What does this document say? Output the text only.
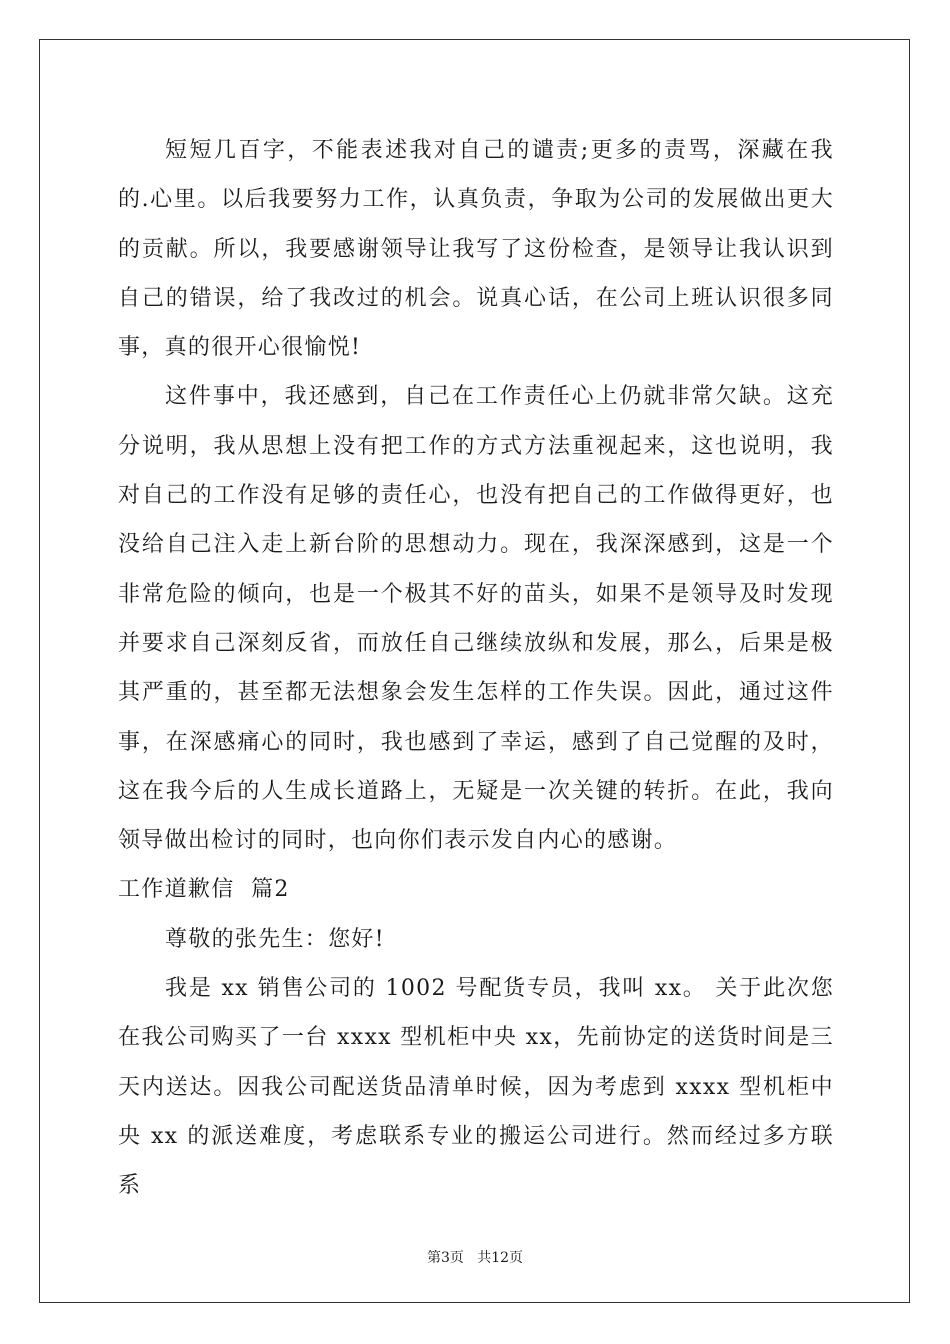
短短几百字，不能表述我对自己的谴责;更多的责骂，深藏在我的.心里。以后我要努力工作，认真负责，争取为公司的发展做出更大的贡献。所以，我要感谢领导让我写了这份检查，是领导让我认识到自己的错误，给了我改过的机会。说真心话，在公司上班认识很多同事，真的很开心很愉悦!

这件事中，我还感到，自己在工作责任心上仍就非常欠缺。这充分说明，我从思想上没有把工作的方式方法重视起来，这也说明，我对自己的工作没有足够的责任心，也没有把自己的工作做得更好，也没给自己注入走上新台阶的思想动力。现在，我深深感到，这是一个非常危险的倾向，也是一个极其不好的苗头，如果不是领导及时发现并要求自己深刻反省，而放任自己继续放纵和发展，那么，后果是极其严重的，甚至都无法想象会发生怎样的工作失误。因此，通过这件事，在深感痛心的同时，我也感到了幸运，感到了自己觉醒的及时，这在我今后的人生成长道路上，无疑是一次关键的转折。在此，我向领导做出检讨的同时，也向你们表示发自内心的感谢。

工作道歉信  篇2

尊敬的张先生：您好!

我是 xx 销售公司的 1002 号配货专员，我叫 xx。 关于此次您在我公司购买了一台 xxxx 型机柜中央 xx，先前协定的送货时间是三天内送达。因我公司配送货品清单时候，因为考虑到 xxxx 型机柜中央 xx 的派送难度，考虑联系专业的搬运公司进行。然而经过多方联系

第3页   共12页
